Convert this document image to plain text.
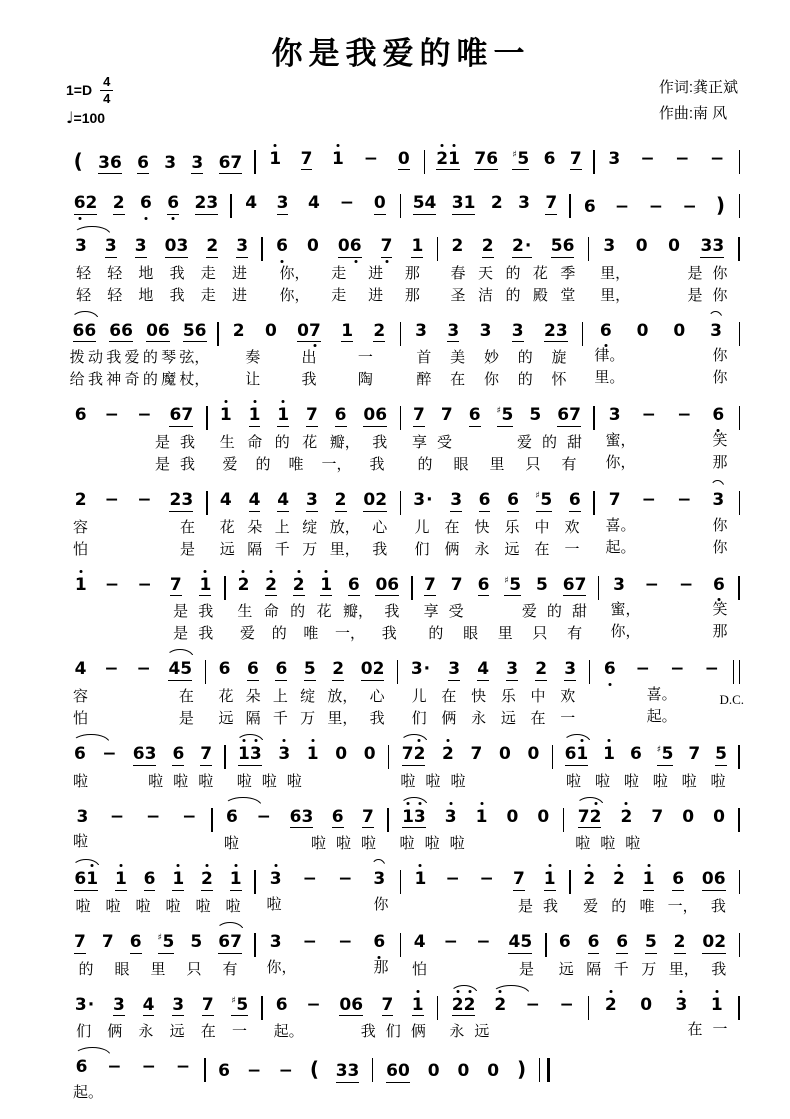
你是我爱的唯一
$1=D \frac{4}{4}$
♩=100
作词:龚正斌
作曲:南 风
( 36 6 3 3 67 1 7 1 − 0 2
1 76 ♯5 6 7 3 − − −
6
2 2 6 6 23 4 3 4 − 0 54 31 2 3 7 6 − − − )
3 3 3 03 2 3
轻 轻 地 我 走 进
轻 轻 地 我 走 进
6 0 06 7 1
你， 走 进 那
你， 走 进 那
2 2 2· 56
春 天 的 花 季
圣 洁 的 殿 堂
3 0 0 33
里，	是 你
里，	是 你
66 66 06 56
拨 动 我 爱 的 琴 弦，
给 我 神 奇 的 魔 杖，
2 0 07 1 2
奏	出	一
让	我	陶
3 3 3 3 23
首 美 妙 的 旋
醉 在 你 的 怀
6 0 0 3
律。	你
里。	你
6 − − 67
是 我
是 我
1 1 1 7 6 06
生 命 的 花 瓣， 我
爱 的 唯 一， 我
7 7 6 ♯5 5 67
享 受	爱 的 甜
的 眼 里 只 有
3 − − 6
蜜，	笑
你，	那
2 − − 23
容	在
怕	是
4 4 4 3 2 02
花 朵 上 绽 放， 心
远 隔 千 万 里， 我
3· 3 6 6 ♯5 6
儿 在 快 乐 中 欢
们 俩 永 远 在 一
7 − − 3
喜。	你
起。	你
1 − − 7 1
是 我
是 我
2 2 2 1 6 06
生 命 的 花 瓣， 我
爱 的 唯 一， 我
7 7 6 ♯5 5 67
享 受	爱 的 甜
的 眼 里 只 有
3 − − 6
蜜，	笑
你，	那
4 − − 45
容	在
怕	是
6 6 6 5 2 02
花 朵 上 绽 放， 心
远 隔 千 万 里， 我
3· 3 4 3 2 3
儿 在 快 乐 中 欢
们 俩 永 远 在 一
6 − − −
喜。
起。
D.C.
6 − 63 6 7
啦	啦 啦 啦
1
3 3 1 0 0
啦 啦 啦
72 2 7 0 0
啦 啦 啦
61 1 6 ♯5 7 5
啦 啦 啦 啦 啦 啦
3 − − −
啦
6 − 63 6 7
啦	啦 啦 啦
1
3 3 1 0 0
啦 啦 啦
72 2 7 0 0
啦 啦 啦
61 1 6 1 2 1
啦 啦 啦 啦 啦 啦
3 − − 3
啦	你
1 − − 7 1
是 我
2 2 1 6 06
爱 的 唯 一， 我
7 7 6 ♯5 5 67
的 眼 里 只 有
3 − − 6
你，	那
4 − − 45
怕	是
6 6 6 5 2 02
远 隔 千 万 里， 我
3· 3 4 3 7 ♯5
们 俩 永 远 在 一
6 − 06 7 1
起。	我 们 俩
2
2 2 − −
永 远
2 0 3 1
在 一
6 − − −
起。
6 − − ( 33 60 0 0 0 )
